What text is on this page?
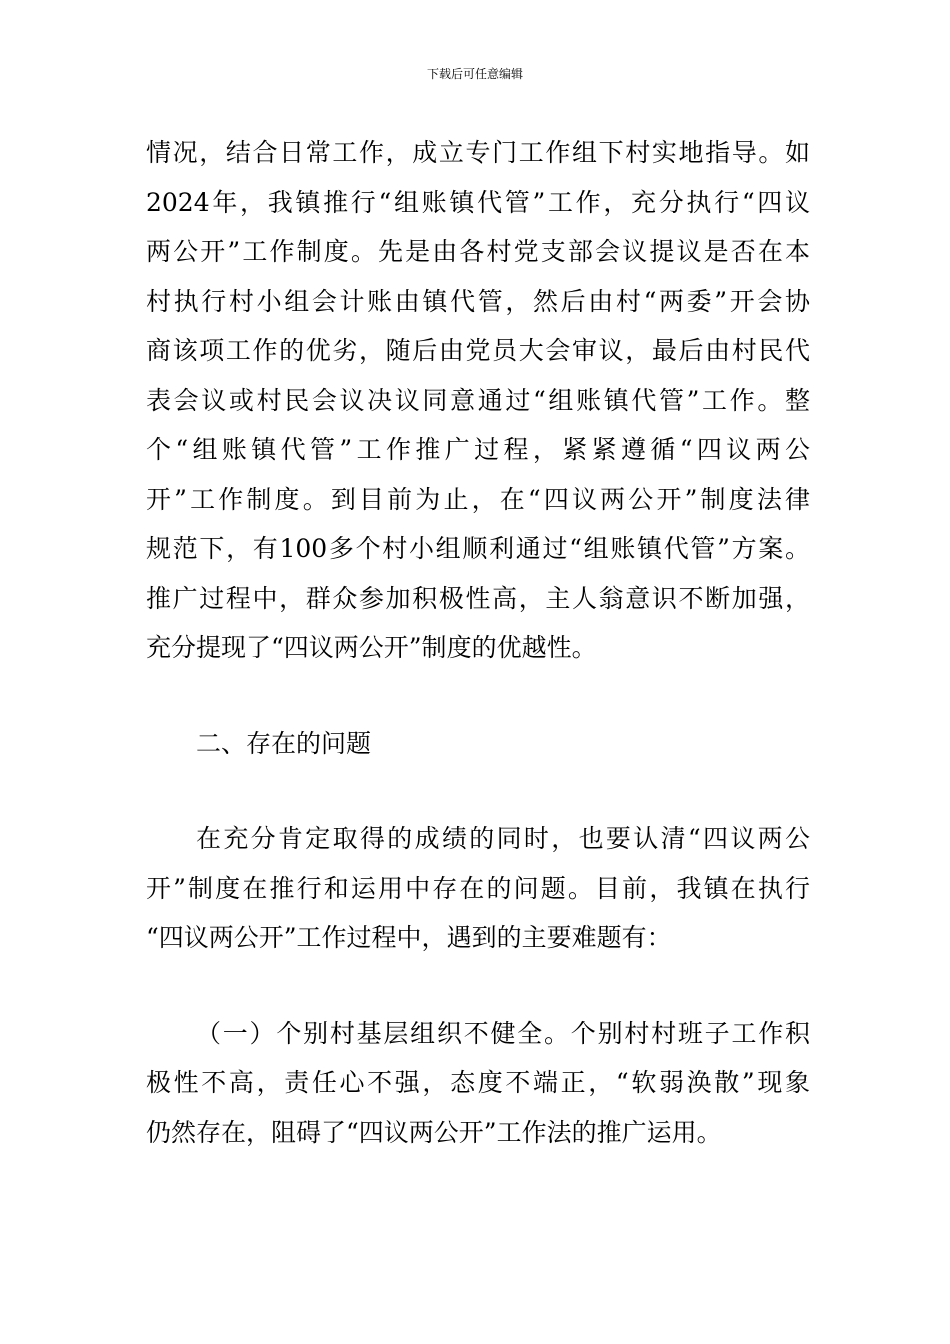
下载后可任意编辑
情况，结合日常工作，成立专门工作组下村实地指导。如
2024年，我镇推行“组账镇代管”工作，充分执行“四议
两公开”工作制度。先是由各村党支部会议提议是否在本
村执行村小组会计账由镇代管，然后由村“两委”开会协
商该项工作的优劣，随后由党员大会审议，最后由村民代
表会议或村民会议决议同意通过“组账镇代管”工作。整
个“组账镇代管”工作推广过程，紧紧遵循“四议两公
开”工作制度。到目前为止，在“四议两公开”制度法律
规范下，有100多个村小组顺利通过“组账镇代管”方案。
推广过程中，群众参加积极性高，主人翁意识不断加强，
充分提现了“四议两公开”制度的优越性。
二、存在的问题
在充分肯定取得的成绩的同时，也要认清“四议两公
开”制度在推行和运用中存在的问题。目前，我镇在执行
“四议两公开”工作过程中，遇到的主要难题有：
（一）个别村基层组织不健全。个别村村班子工作积
极性不高，责任心不强，态度不端正，“软弱涣散”现象
仍然存在，阻碍了“四议两公开”工作法的推广运用。
